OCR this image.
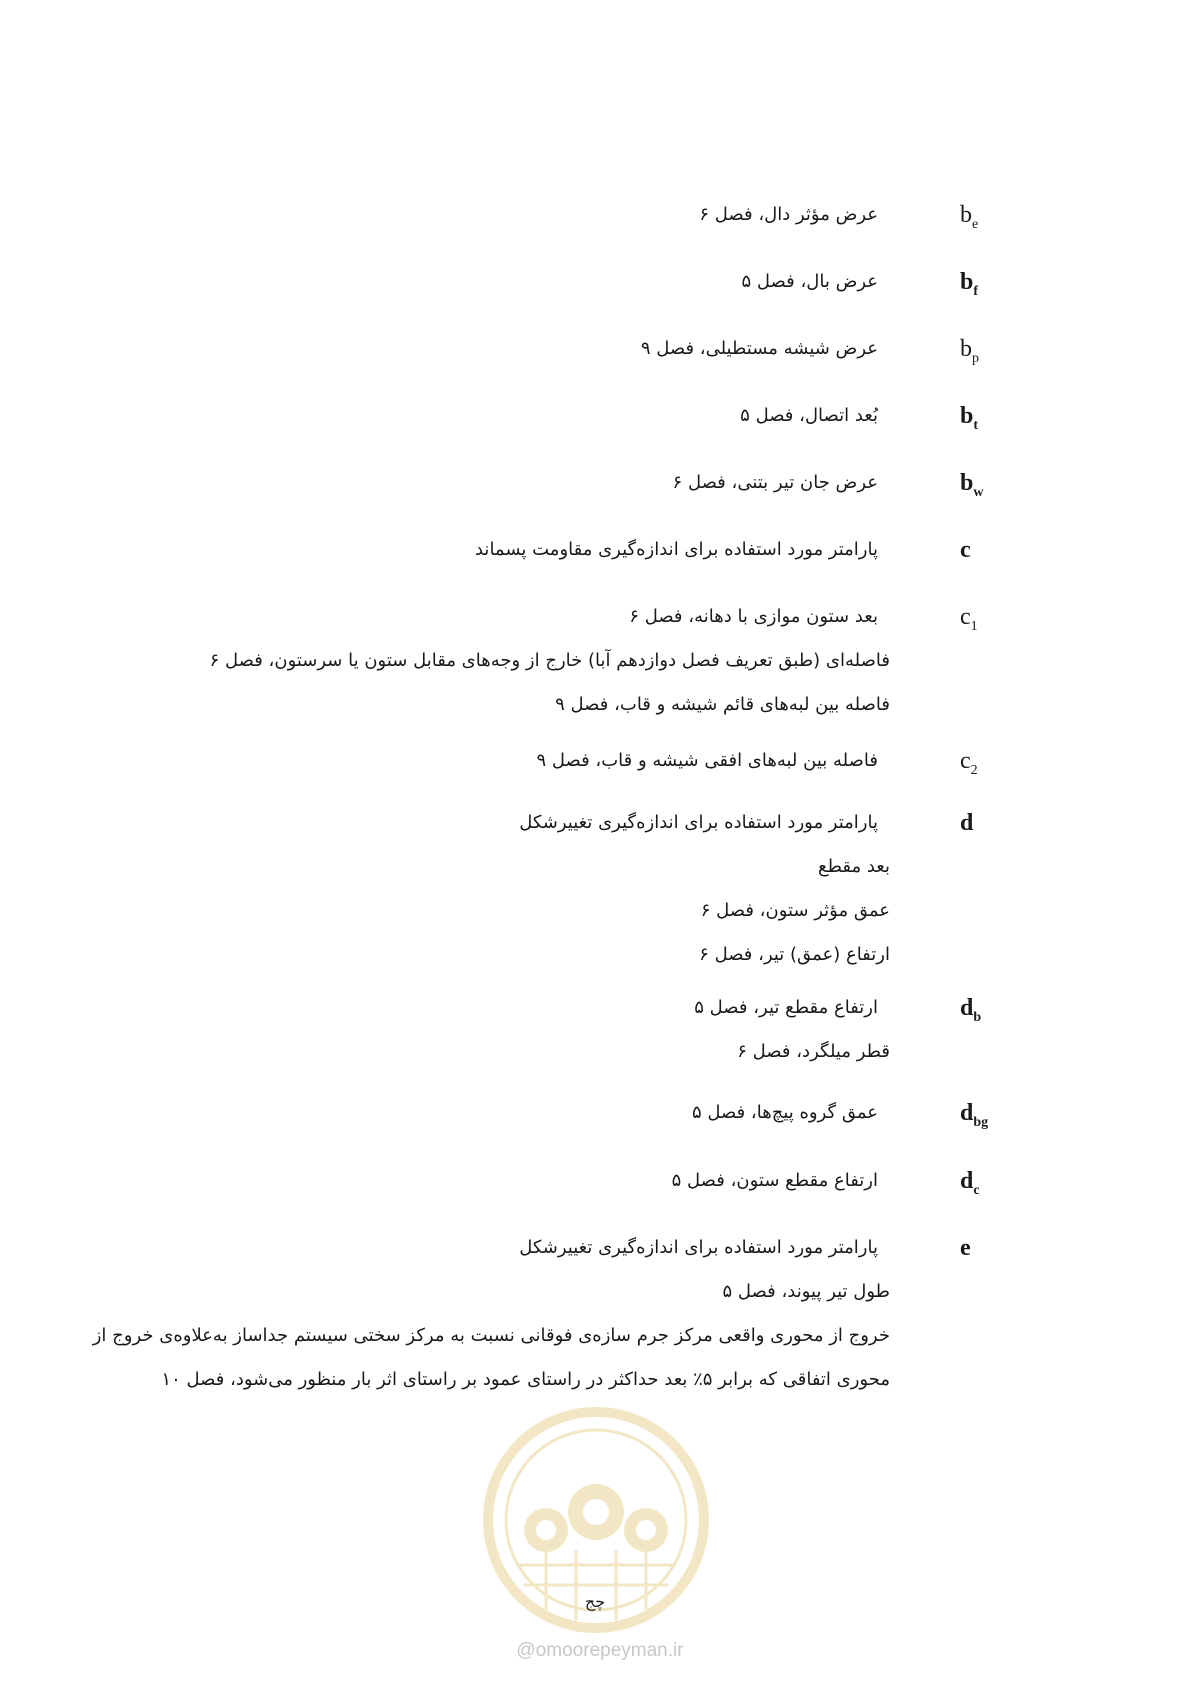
$b_e$
عرض مؤثر دال، فصل ۶
$b_f$
عرض بال، فصل ۵
$b_p$
عرض شیشه مستطیلی، فصل ۹
$b_t$
بُعد اتصال، فصل ۵
$b_w$
عرض جان تیر بتنی، فصل ۶
c
پارامتر مورد استفاده برای اندازه‌گیری مقاومت پسماند
$c_1$
بعد ستون موازی با دهانه، فصل ۶
فاصله‌ای (طبق تعریف فصل دوازدهم آبا) خارج از وجه‌های مقابل ستون یا سرستون، فصل ۶
فاصله بین لبه‌های قائم شیشه و قاب، فصل ۹
$c_2$
فاصله بین لبه‌های افقی شیشه و قاب، فصل ۹
d
پارامتر مورد استفاده برای اندازه‌گیری تغییرشکل
بعد مقطع
عمق مؤثر ستون، فصل ۶
ارتفاع (عمق) تیر، فصل ۶
$d_b$
ارتفاع مقطع تیر، فصل ۵
قطر میلگرد، فصل ۶
$d_{bg}$
عمق گروه پیچ‌ها، فصل ۵
$d_c$
ارتفاع مقطع ستون، فصل ۵
e
پارامتر مورد استفاده برای اندازه‌گیری تغییرشکل
طول تیر پیوند، فصل ۵
خروج از محوری واقعی مرکز جرم سازه‌ی فوقانی نسبت به مرکز سختی سیستم جداساز به‌علاوه‌ی خروج از
محوری اتفاقی که برابر ۵٪ بعد حداکثر در راستای عمود بر راستای اثر بار منظور می‌شود، فصل ۱۰
چج
@omoorepeyman.ir
